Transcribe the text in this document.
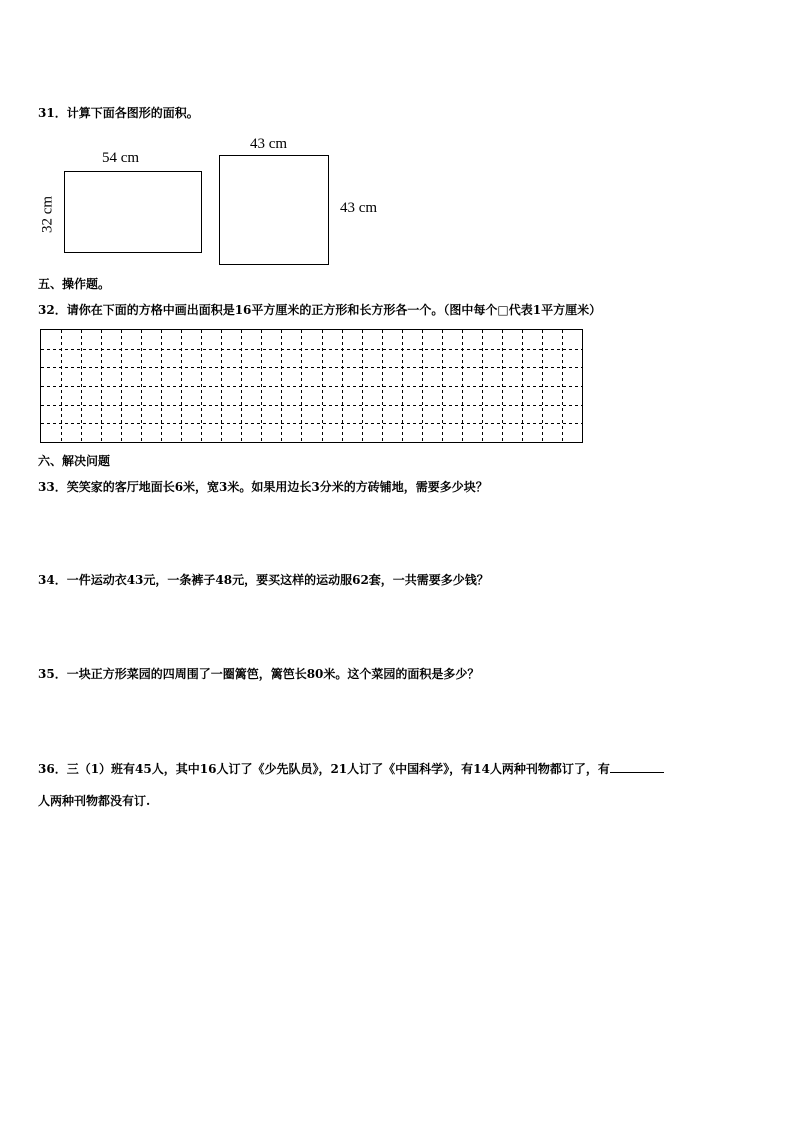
31．计算下面各图形的面积。
54 cm
32 cm
43 cm
43 cm
五、操作题。
32．请你在下面的方格中画出面积是16平方厘米的正方形和长方形各一个。（图中每个□代表1平方厘米）
六、解决问题
33．笑笑家的客厅地面长6米，宽3米。如果用边长3分米的方砖铺地，需要多少块？
34．一件运动衣43元，一条裤子48元，要买这样的运动服62套，一共需要多少钱？
35．一块正方形菜园的四周围了一圈篱笆，篱笆长80米。这个菜园的面积是多少？
36．三（1）班有45人，其中16人订了《少先队员》，21人订了《中国科学》，有14人两种刊物都订了，有
人两种刊物都没有订.
